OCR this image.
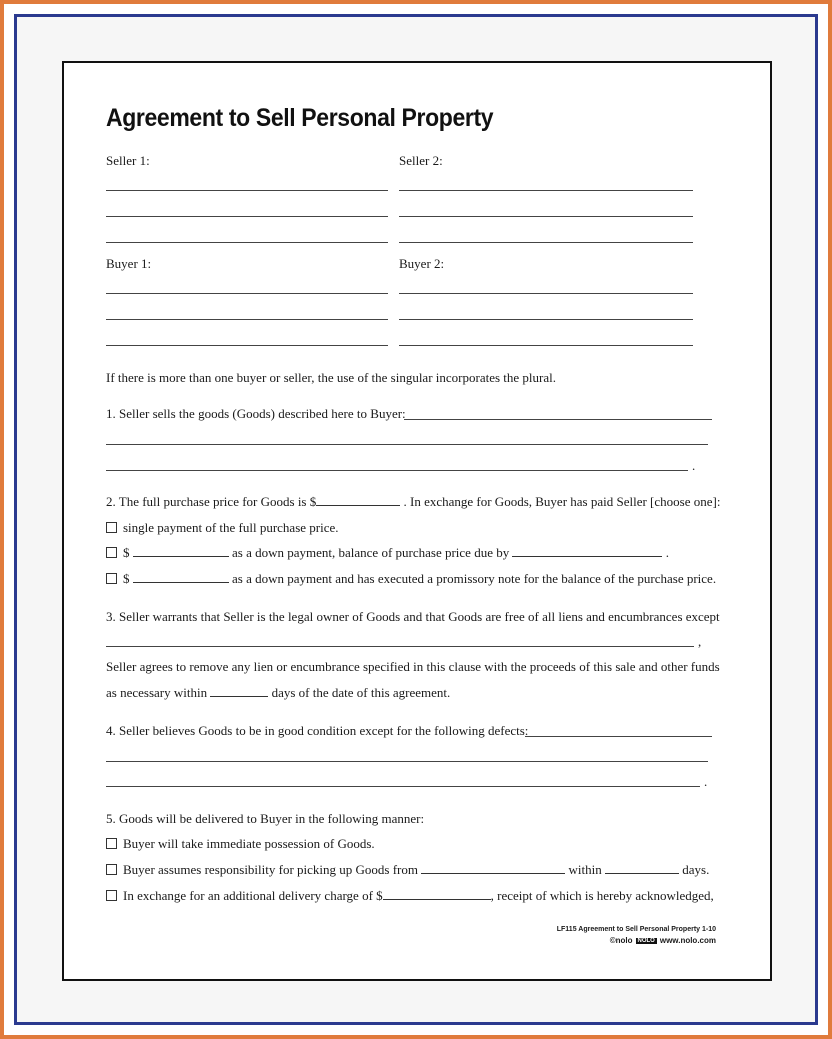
Agreement to Sell Personal Property
Seller 1:	Seller 2:
Buyer 1:	Buyer 2:
If there is more than one buyer or seller, the use of the singular incorporates the plural.
1. Seller sells the goods (Goods) described here to Buyer:
.
2. The full purchase price for Goods is $	. In exchange for Goods, Buyer has paid Seller [choose one]:
single payment of the full purchase price.
$	as a down payment, balance of purchase price due by	.
$	as a down payment and has executed a promissory note for the balance of the purchase price.
3. Seller warrants that Seller is the legal owner of Goods and that Goods are free of all liens and encumbrances except
,
Seller agrees to remove any lien or encumbrance specified in this clause with the proceeds of this sale and other funds
as necessary within	days of the date of this agreement.
4. Seller believes Goods to be in good condition except for the following defects:
.
5. Goods will be delivered to Buyer in the following manner:
Buyer will take immediate possession of Goods.
Buyer assumes responsibility for picking up Goods from	within	days.
In exchange for an additional delivery charge of $	, receipt of which is hereby acknowledged,
LF115 Agreement to Sell Personal Property 1-10
©nolo NOLO www.nolo.com
